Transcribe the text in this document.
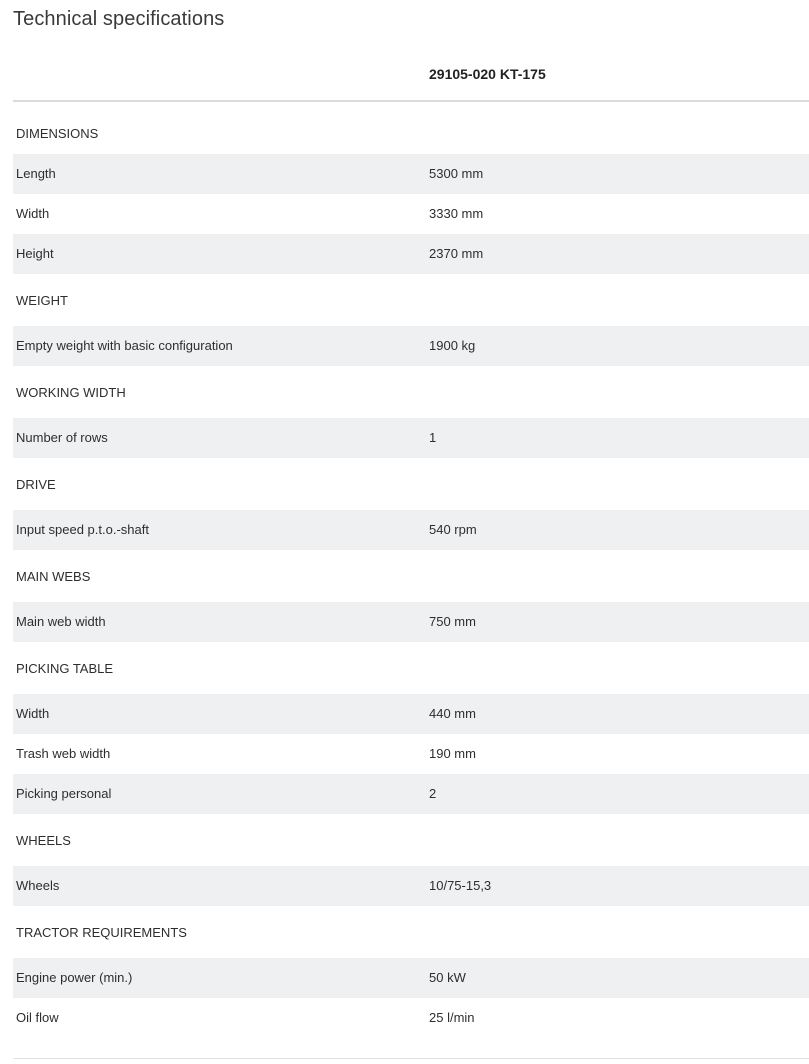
Technical specifications
29105-020 KT-175
DIMENSIONS
Length	5300 mm
Width	3330 mm
Height	2370 mm
WEIGHT
Empty weight with basic configuration	1900 kg
WORKING WIDTH
Number of rows	1
DRIVE
Input speed p.t.o.-shaft	540 rpm
MAIN WEBS
Main web width	750 mm
PICKING TABLE
Width	440 mm
Trash web width	190 mm
Picking personal	2
WHEELS
Wheels	10/75-15,3
TRACTOR REQUIREMENTS
Engine power (min.)	50 kW
Oil flow	25 l/min
